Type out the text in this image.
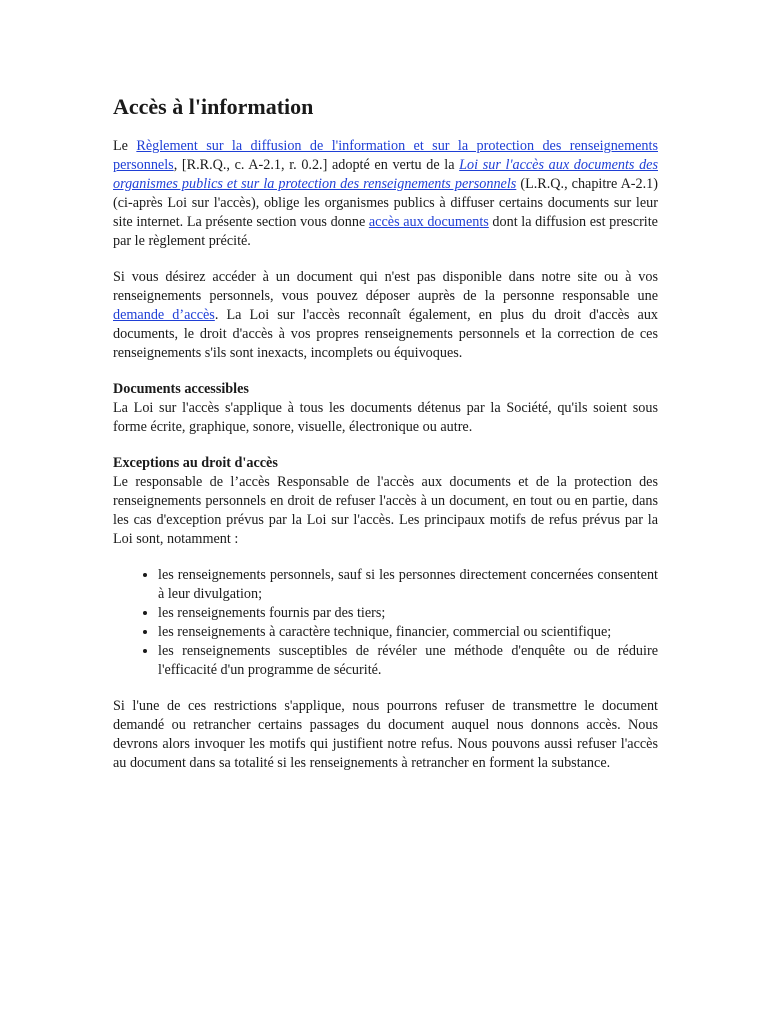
Accès à l'information

Le Règlement sur la diffusion de l'information et sur la protection des renseignements personnels, [R.R.Q., c. A-2.1, r. 0.2.] adopté en vertu de la Loi sur l'accès aux documents des organismes publics et sur la protection des renseignements personnels (L.R.Q., chapitre A-2.1) (ci-après Loi sur l'accès), oblige les organismes publics à diffuser certains documents sur leur site internet. La présente section vous donne accès aux documents dont la diffusion est prescrite par le règlement précité.

Si vous désirez accéder à un document qui n'est pas disponible dans notre site ou à vos renseignements personnels, vous pouvez déposer auprès de la personne responsable une demande d’accès. La Loi sur l'accès reconnaît également, en plus du droit d'accès aux documents, le droit d'accès à vos propres renseignements personnels et la correction de ces renseignements s'ils sont inexacts, incomplets ou équivoques.

Documents accessibles

La Loi sur l'accès s'applique à tous les documents détenus par la Société, qu'ils soient sous forme écrite, graphique, sonore, visuelle, électronique ou autre.

Exceptions au droit d'accès

Le responsable de l’accès Responsable de l'accès aux documents et de la protection des renseignements personnels en droit de refuser l'accès à un document, en tout ou en partie, dans les cas d'exception prévus par la Loi sur l'accès. Les principaux motifs de refus prévus par la Loi sont, notamment :

• les renseignements personnels, sauf si les personnes directement concernées consentent à leur divulgation;
• les renseignements fournis par des tiers;
• les renseignements à caractère technique, financier, commercial ou scientifique;
• les renseignements susceptibles de révéler une méthode d'enquête ou de réduire l'efficacité d'un programme de sécurité.

Si l'une de ces restrictions s'applique, nous pourrons refuser de transmettre le document demandé ou retrancher certains passages du document auquel nous donnons accès. Nous devrons alors invoquer les motifs qui justifient notre refus. Nous pouvons aussi refuser l'accès au document dans sa totalité si les renseignements à retrancher en forment la substance.
